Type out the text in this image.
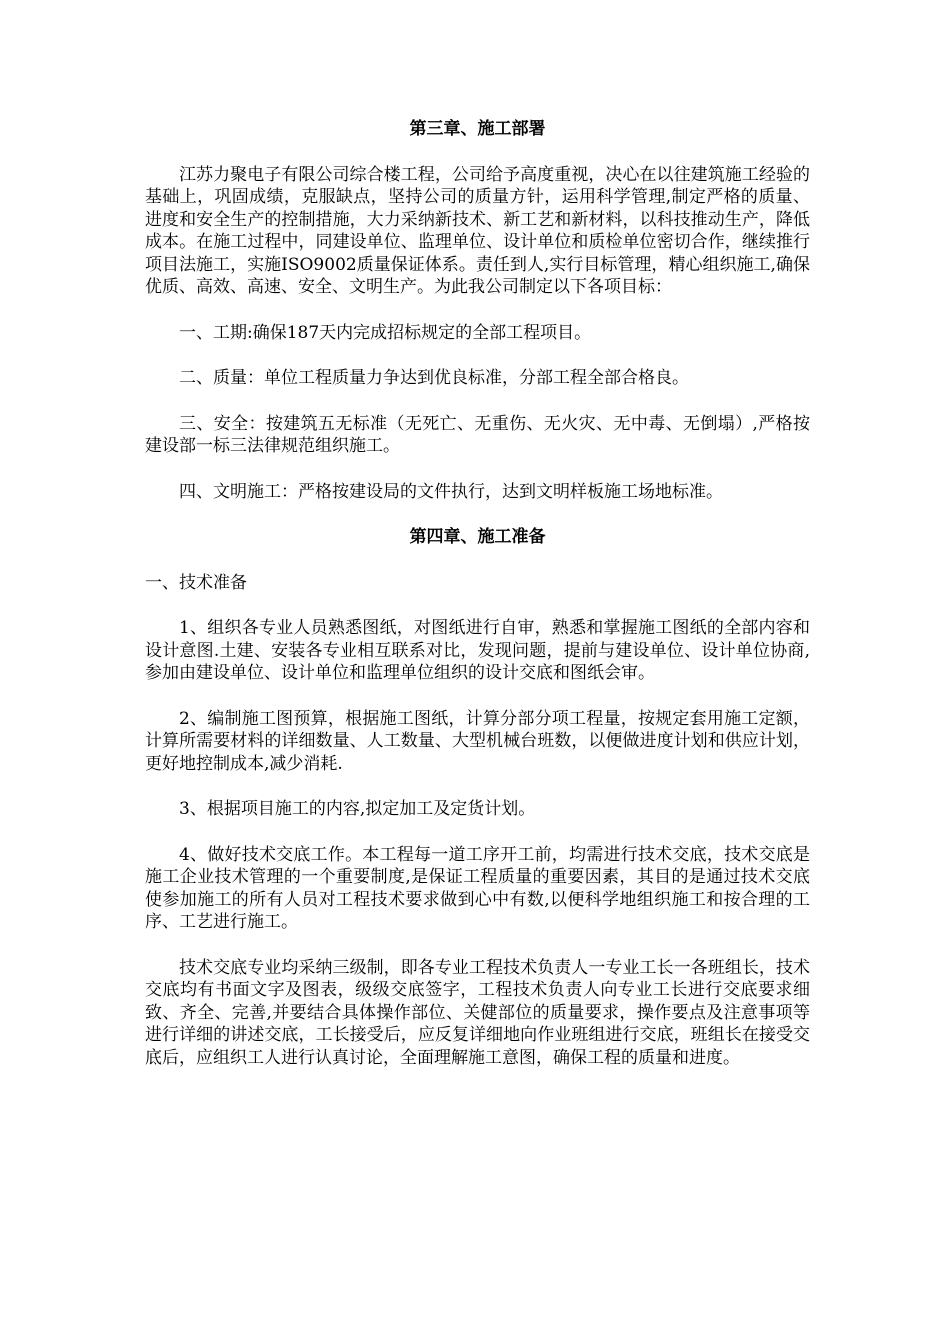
第三章、施工部署

江苏力聚电子有限公司综合楼工程，公司给予高度重视，决心在以往建筑施工经验的基础上，巩固成绩，克服缺点，坚持公司的质量方针，运用科学管理,制定严格的质量、进度和安全生产的控制措施，大力采纳新技术、新工艺和新材料，以科技推动生产，降低成本。在施工过程中，同建设单位、监理单位、设计单位和质检单位密切合作，继续推行项目法施工，实施ISO9002质量保证体系。责任到人,实行目标管理，精心组织施工,确保优质、高效、高速、安全、文明生产。为此我公司制定以下各项目标：

一、工期:确保187天内完成招标规定的全部工程项目。

二、质量：单位工程质量力争达到优良标准，分部工程全部合格良。

三、安全：按建筑五无标准（无死亡、无重伤、无火灾、无中毒、无倒塌）,严格按建设部一标三法律规范组织施工。

四、文明施工：严格按建设局的文件执行，达到文明样板施工场地标准。

第四章、施工准备

一、技术准备

1、组织各专业人员熟悉图纸，对图纸进行自审，熟悉和掌握施工图纸的全部内容和设计意图.土建、安装各专业相互联系对比，发现问题，提前与建设单位、设计单位协商,参加由建设单位、设计单位和监理单位组织的设计交底和图纸会审。

2、编制施工图预算，根据施工图纸，计算分部分项工程量，按规定套用施工定额，计算所需要材料的详细数量、人工数量、大型机械台班数，以便做进度计划和供应计划，更好地控制成本,减少消耗.

3、根据项目施工的内容,拟定加工及定货计划。

4、做好技术交底工作。本工程每一道工序开工前，均需进行技术交底，技术交底是施工企业技术管理的一个重要制度,是保证工程质量的重要因素，其目的是通过技术交底使参加施工的所有人员对工程技术要求做到心中有数,以便科学地组织施工和按合理的工序、工艺进行施工。

技术交底专业均采纳三级制，即各专业工程技术负责人一专业工长一各班组长，技术交底均有书面文字及图表，级级交底签字，工程技术负责人向专业工长进行交底要求细致、齐全、完善,并要结合具体操作部位、关健部位的质量要求，操作要点及注意事项等进行详细的讲述交底，工长接受后，应反复详细地向作业班组进行交底，班组长在接受交底后，应组织工人进行认真讨论，全面理解施工意图，确保工程的质量和进度。
